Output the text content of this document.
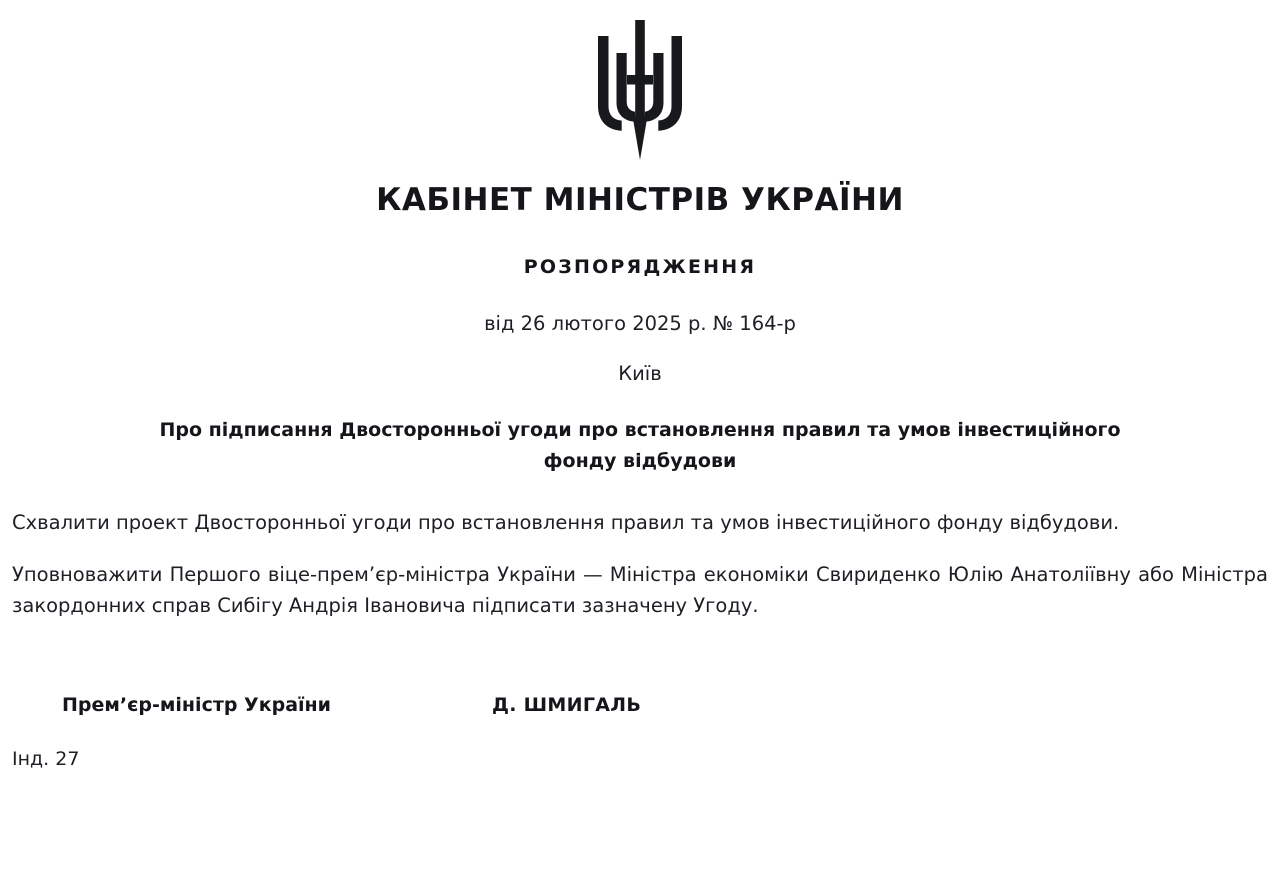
КАБІНЕТ МІНІСТРІВ УКРАЇНИ
РОЗПОРЯДЖЕННЯ
від 26 лютого 2025 р. № 164-р
Київ
Про підписання Двосторонньої угоди про встановлення правил та умов інвестиційного фонду відбудови

Схвалити проект Двосторонньої угоди про встановлення правил та умов інвестиційного фонду відбудови.

Уповноважити Першого віце-прем’єр-міністра України — Міністра економіки Свириденко Юлію Анатоліївну або Міністра закордонних справ Сибігу Андрія Івановича підписати зазначену Угоду.

Прем’єр-міністр України	Д. ШМИГАЛЬ
Інд. 27
